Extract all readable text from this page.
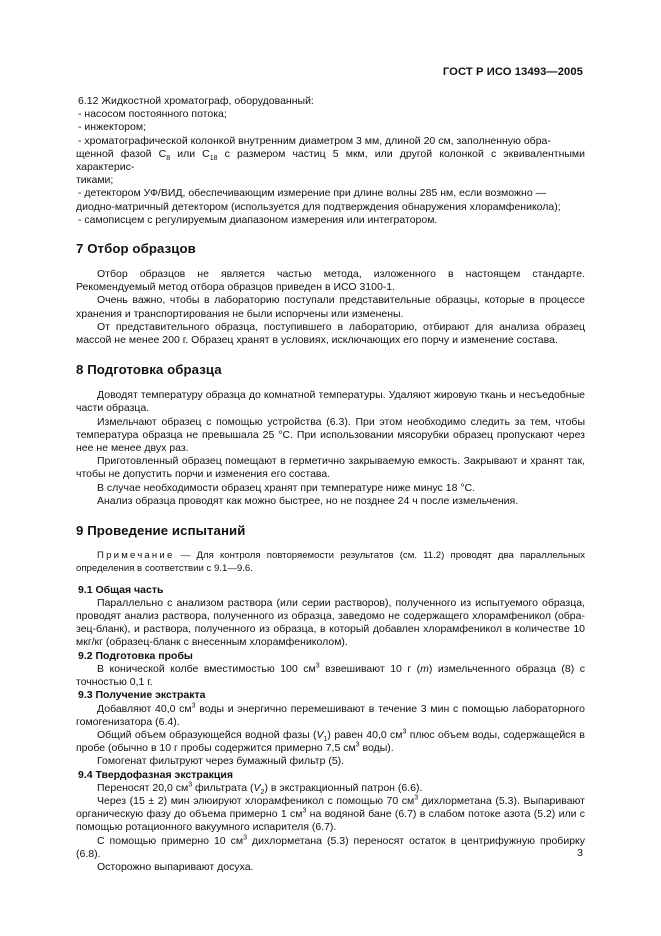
ГОСТ Р ИСО 13493—2005

6.12 Жидкостной хроматограф, оборудованный:

- насосом постоянного потока;

- инжектором;

- хроматографической колонкой внутренним диаметром 3 мм, длиной 20 см, заполненную обра-
щенной фазой $С_8$ или $С_{18}$ с размером частиц 5 мкм, или другой колонкой с эквивалентными характерис-
тиками;

- детектором УФ/ВИД, обеспечивающим измерение при длине волны 285 нм, если возможно —
диодно-матричный детектором (используется для подтверждения обнаружения хлорамфеникола);

- самописцем с регулируемым диапазоном измерения или интегратором.

7 Отбор образцов

Отбор образцов не является частью метода, изложенного в настоящем стандарте. Рекомендуемый метод отбора образцов приведен в ИСО 3100-1.

Очень важно, чтобы в лабораторию поступали представительные образцы, которые в процессе хранения и транспортирования не были испорчены или изменены.

От представительного образца, поступившего в лабораторию, отбирают для анализа образец массой не менее 200 г. Образец хранят в условиях, исключающих его порчу и изменение состава.

8 Подготовка образца

Доводят температуру образца до комнатной температуры. Удаляют жировую ткань и несъедобные части образца.

Измельчают образец с помощью устройства (6.3). При этом необходимо следить за тем, чтобы температура образца не превышала 25 °С. При использовании мясорубки образец пропускают через нее не менее двух раз.

Приготовленный образец помещают в герметично закрываемую емкость. Закрывают и хранят так, чтобы не допустить порчи и изменения его состава.

В случае необходимости образец хранят при температуре ниже минус 18 °С.

Анализ образца проводят как можно быстрее, но не позднее 24 ч после измельчения.

9 Проведение испытаний

Примечание — Для контроля повторяемости результатов (см. 11.2) проводят два параллельных определения в соответствии с 9.1—9.6.

9.1 Общая часть

Параллельно с анализом раствора (или серии растворов), полученного из испытуемого образца, проводят анализ раствора, полученного из образца, заведомо не содержащего хлорамфеникол (обра-зец-бланк), и раствора, полученного из образца, в который добавлен хлорамфеникол в количестве 10 мкг/кг (образец-бланк с внесенным хлорамфениколом).

9.2 Подготовка пробы

В конической колбе вместимостью 100 $см^3$ взвешивают 10 г (m) измельченного образца (8) с точностью 0,1 г.

9.3 Получение экстракта

Добавляют 40,0 $см^3$ воды и энергично перемешивают в течение 3 мин с помощью лабораторного гомогенизатора (6.4).

Общий объем образующейся водной фазы $(V_1)$ равен 40,0 $см^3$ плюс объем воды, содержащейся в пробе (обычно в 10 г пробы содержится примерно 7,5 $см^3$ воды).

Гомогенат фильтруют через бумажный фильтр (5).

9.4 Твердофазная экстракция

Переносят 20,0 $см^3$ фильтрата $(V_2)$ в экстракционный патрон (6.6).

Через (15 ± 2) мин элюируют хлорамфеникол с помощью 70 $см^3$ дихлорметана (5.3). Выпаривают органическую фазу до объема примерно 1 $см^3$ на водяной бане (6.7) в слабом потоке азота (5.2) или с помощью ротационного вакуумного испарителя (6.7).

С помощью примерно 10 $см^3$ дихлорметана (5.3) переносят остаток в центрифужную пробирку (6.8).

Осторожно выпаривают досуха.

3
